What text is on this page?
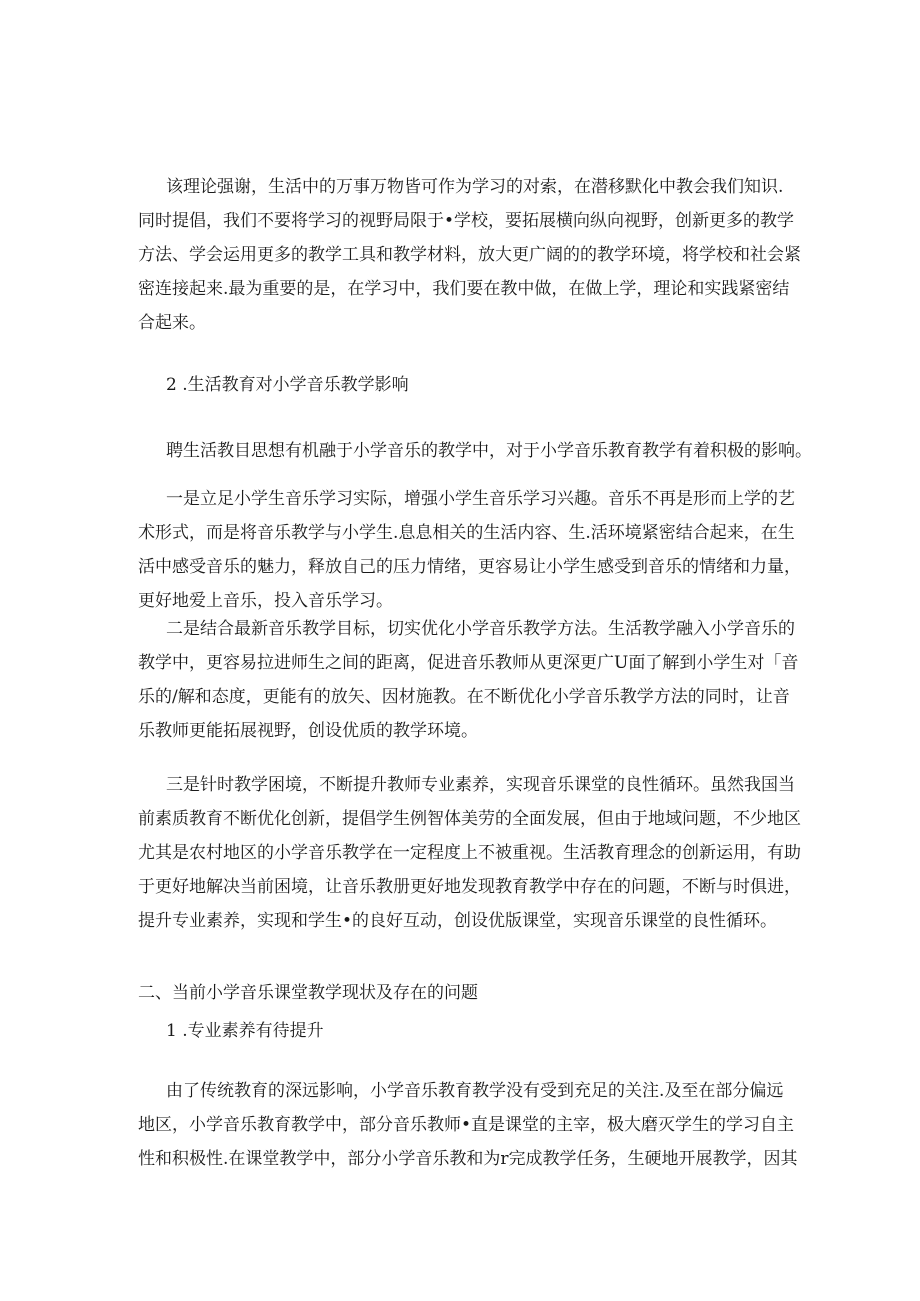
该理论强谢，生活中的万事万物皆可作为学习的对索，在潜移默化中教会我们知识.
同时提倡，我们不要将学习的视野局限于•学校，要拓展横向纵向视野，创新更多的教学
方法、学会运用更多的教学工具和教学材料，放大更广阔的的教学环境，将学校和社会紧
密连接起来.最为重要的是，在学习中，我们要在教中做，在做上学，理论和实践紧密结
合起来。
2 .生活教育对小学音乐教学影响
聘生活教目思想有机融于小学音乐的教学中，对于小学音乐教育教学有着积极的影响。
一是立足小学生音乐学习实际，增强小学生音乐学习兴趣。音乐不再是形而上学的艺
术形式，而是将音乐教学与小学生.息息相关的生活内容、生.活环境紧密结合起来，在生
活中感受音乐的魅力，释放自己的压力情绪，更容易让小学生感受到音乐的情绪和力量，
更好地爱上音乐，投入音乐学习。
二是结合最新音乐教学目标，切实优化小学音乐教学方法。生活教学融入小学音乐的
教学中，更容易拉进师生之间的距离，促进音乐教师从更深更广U面了解到小学生对「音
乐的/解和态度，更能有的放矢、因材施教。在不断优化小学音乐教学方法的同时，让音
乐教师更能拓展视野，创设优质的教学环境。
三是针时教学困境，不断提升教师专业素养，实现音乐课堂的良性循环。虽然我国当
前素质教育不断优化创新，提倡学生例智体美劳的全面发展，但由于地域问题，不少地区
尤其是农村地区的小学音乐教学在一定程度上不被重视。生活教育理念的创新运用，有助
于更好地解决当前困境，让音乐教册更好地发现教育教学中存在的问题，不断与时俱进，
提升专业素养，实现和学生•的良好互动，创设优版课堂，实现音乐课堂的良性循环。
二、当前小学音乐课堂教学现状及存在的问题
1 .专业素养有待提升
由了传统教育的深远影响，小学音乐教育教学没有受到充足的关注.及至在部分偏远
地区，小学音乐教育教学中，部分音乐教师•直是课堂的主宰，极大磨灭学生的学习自主
性和积极性.在课堂教学中，部分小学音乐教和为r完成教学任务，生硬地开展教学，因其
